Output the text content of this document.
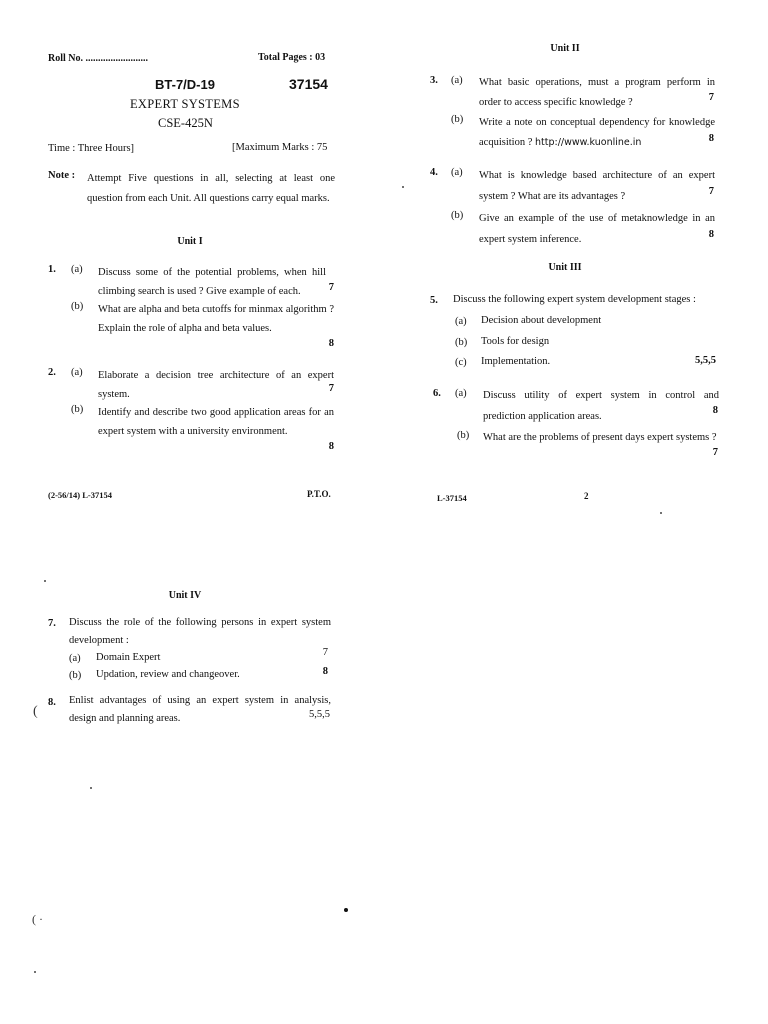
Roll No. .........................	Total Pages : 03
BT-7/D-19	37154
EXPERT SYSTEMS
CSE-425N
Time : Three Hours]	[Maximum Marks : 75
Note : Attempt Five questions in all, selecting at least one question from each Unit. All questions carry equal marks.
Unit I
1. (a) Discuss some of the potential problems, when hill climbing search is used ? Give example of each.	7
(b) What are alpha and beta cutoffs for minmax algorithm ? Explain the role of alpha and beta values.
8
2. (a) Elaborate a decision tree architecture of an expert system.
7
(b) Identify and describe two good application areas for an expert system with a university environment.
8
(2-56/14) L-37154	P.T.O.
Unit II
3. (a) What basic operations, must a program perform in order to access specific knowledge ?	7
(b) Write a note on conceptual dependency for knowledge acquisition ? http://www.kuonline.in	8
4. (a) What is knowledge based architecture of an expert system ? What are its advantages ?	7
(b) Give an example of the use of metaknowledge in an expert system inference.	8
Unit III
5. Discuss the following expert system development stages :
(a) Decision about development
(b) Tools for design
(c) Implementation.	5,5,5
6. (a) Discuss utility of expert system in control and prediction application areas.
8
(b) What are the problems of present days expert systems ?
7
L-37154	2
Unit IV
7. Discuss the role of the following persons in expert system development :
(a) Domain Expert	7
(b) Updation, review and changeover.	8
8. Enlist advantages of using an expert system in analysis, design and planning areas.	5,5,5
(
( ·
